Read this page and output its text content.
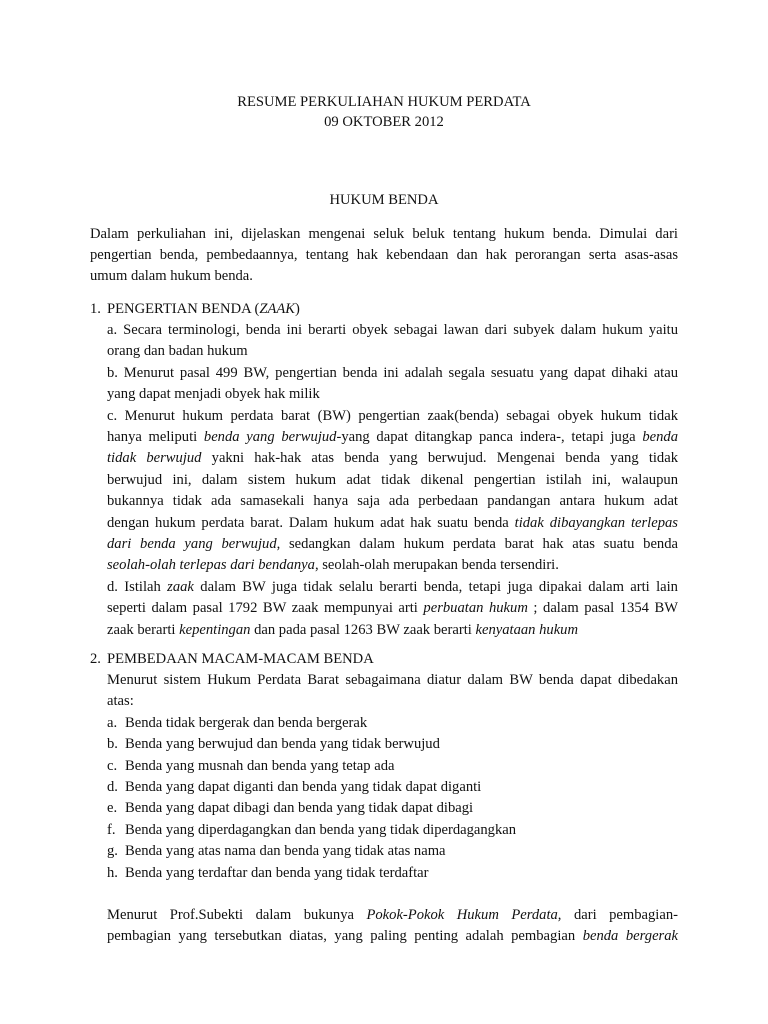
RESUME PERKULIAHAN HUKUM PERDATA
09 OKTOBER 2012
HUKUM BENDA
Dalam perkuliahan ini, dijelaskan mengenai seluk beluk tentang hukum benda. Dimulai dari
pengertian benda, pembedaannya, tentang hak kebendaan dan hak perorangan serta asas-asas
umum dalam hukum benda.
1. PENGERTIAN BENDA (ZAAK)
a. Secara terminologi, benda ini berarti obyek sebagai lawan dari subyek dalam hukum yaitu
orang dan badan hukum
b. Menurut pasal 499 BW, pengertian benda ini adalah segala sesuatu yang dapat dihaki atau
yang dapat menjadi obyek hak milik
c. Menurut hukum perdata barat (BW) pengertian zaak(benda) sebagai obyek hukum tidak
hanya meliputi benda yang berwujud-yang dapat ditangkap panca indera-, tetapi juga benda
tidak berwujud yakni hak-hak atas benda yang berwujud. Mengenai benda yang tidak
berwujud ini, dalam sistem hukum adat tidak dikenal pengertian istilah ini, walaupun
bukannya tidak ada samasekali hanya saja ada perbedaan pandangan antara hukum adat
dengan hukum perdata barat. Dalam hukum adat hak suatu benda tidak dibayangkan terlepas
dari benda yang berwujud, sedangkan dalam hukum perdata barat hak atas suatu benda
seolah-olah terlepas dari bendanya, seolah-olah merupakan benda tersendiri.
d. Istilah zaak dalam BW juga tidak selalu berarti benda, tetapi juga dipakai dalam arti lain
seperti dalam pasal 1792 BW zaak mempunyai arti perbuatan hukum ; dalam pasal 1354 BW
zaak berarti kepentingan dan pada pasal 1263 BW zaak berarti kenyataan hukum
2. PEMBEDAAN MACAM-MACAM BENDA
Menurut sistem Hukum Perdata Barat sebagaimana diatur dalam BW benda dapat dibedakan
atas:
a. Benda tidak bergerak dan benda bergerak
b. Benda yang berwujud dan benda yang tidak berwujud
c. Benda yang musnah dan benda yang tetap ada
d. Benda yang dapat diganti dan benda yang tidak dapat diganti
e. Benda yang dapat dibagi dan benda yang tidak dapat dibagi
f. Benda yang diperdagangkan dan benda yang tidak diperdagangkan
g. Benda yang atas nama dan benda yang tidak atas nama
h. Benda yang terdaftar dan benda yang tidak terdaftar
Menurut Prof.Subekti dalam bukunya Pokok-Pokok Hukum Perdata, dari pembagian-
pembagian yang tersebutkan diatas, yang paling penting adalah pembagian benda bergerak
